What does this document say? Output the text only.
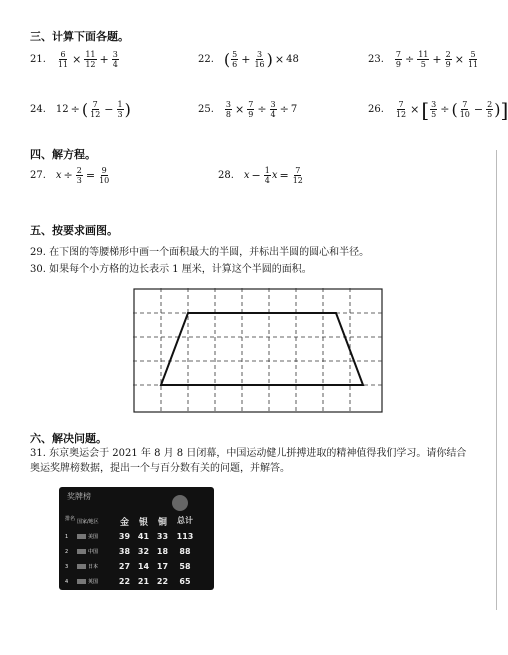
三、计算下面各题。
21. $\frac{6}{11} \times \frac{11}{12} + \frac{3}{4}$	22. ( $\frac{5}{6} + \frac{3}{16}$ ) × 48	23. $\frac{7}{9} \div \frac{11}{5} + \frac{2}{9} \times \frac{5}{11}$
24. 12 ÷ ( $\frac{7}{12} - \frac{1}{3}$ )	25. $\frac{3}{8} \times \frac{7}{9} \div \frac{3}{4} \div 7$	26. $\frac{7}{12}$ × [ $\frac{3}{5}$ ÷ ( $\frac{7}{10} - \frac{2}{5}$ ) ]
四、解方程。
27. $x \div \frac{2}{3} = \frac{9}{10}$	28. $x - \frac{1}{4}$ $x = \frac{7}{12}$
五、按要求画图。
29. 在下图的等腰梯形中画一个面积最大的半圆，并标出半圆的圆心和半径。
30. 如果每个小方格的边长表示 1 厘米，计算这个半圆的面积。
六、解决问题。
31. 东京奥运会于 2021 年 8 月 8 日闭幕，中国运动健儿拼搏进取的精神值得我们学习。请你结合奥运奖牌榜数据，提出一个与百分数有关的问题，并解答。
奖牌榜
排名 国家/地区	金	银	铜	总计
1	美国	39 41 33	113
2	中国	38 32 18	88
3	日本	27 14 17	58
4	英国	22 21 22	65
